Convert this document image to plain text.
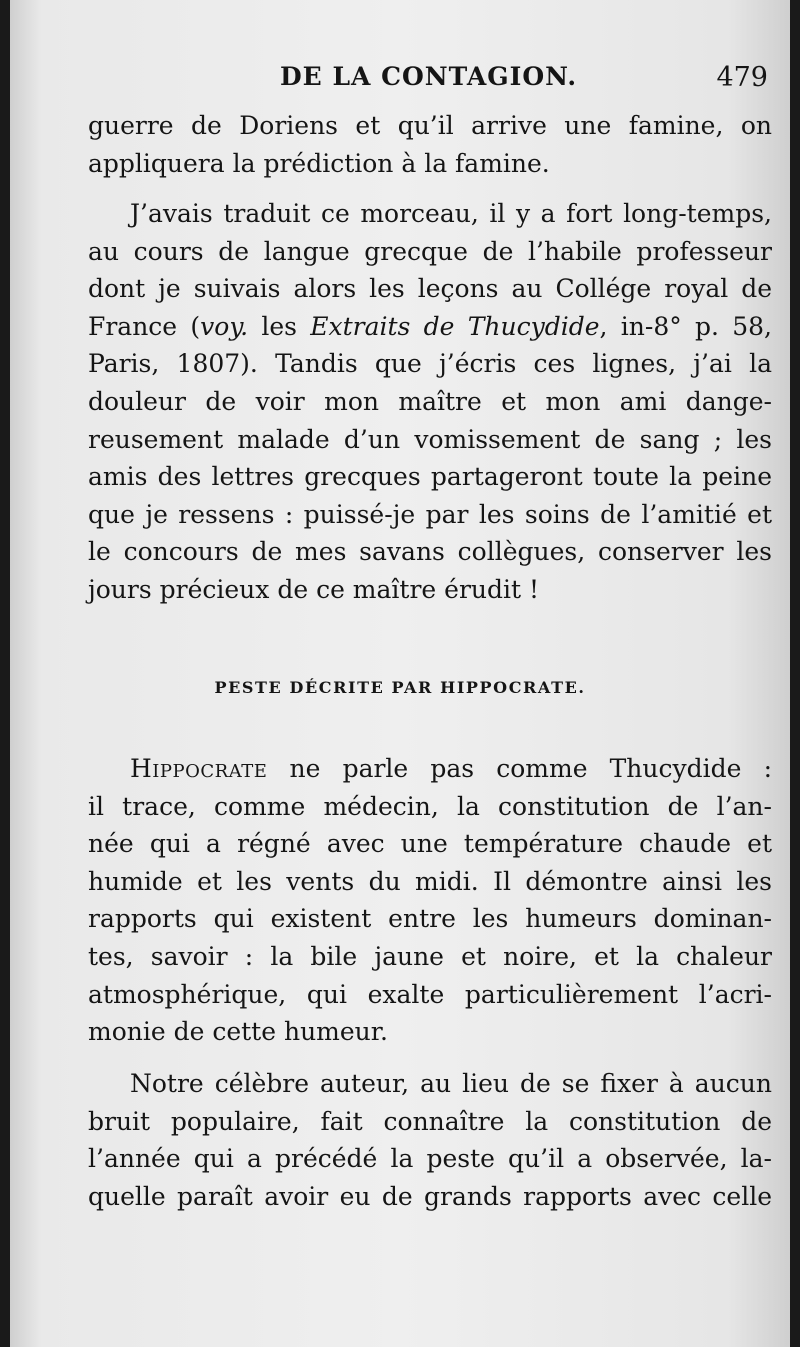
DE LA CONTAGION.	479

guerre de Doriens et qu’il arrive une famine, on

appliquera la prédiction à la famine.

J’avais traduit ce morceau, il y a fort long-temps,

au cours de langue grecque de l’habile professeur

dont je suivais alors les leçons au Collége royal de

France (voy. les Extraits de Thucydide, in-8° p. 58,

Paris, 1807). Tandis que j’écris ces lignes, j’ai la

douleur de voir mon maître et mon ami dange-

reusement malade d’un vomissement de sang ; les

amis des lettres grecques partageront toute la peine

que je ressens : puissé-je par les soins de l’amitié et

le concours de mes savans collègues, conserver les

jours précieux de ce maître érudit !

PESTE DÉCRITE PAR HIPPOCRATE.

Hippocrate ne parle pas comme Thucydide :

il trace, comme médecin, la constitution de l’an-

née qui a régné avec une température chaude et

humide et les vents du midi. Il démontre ainsi les

rapports qui existent entre les humeurs dominan-

tes, savoir : la bile jaune et noire, et la chaleur

atmosphérique, qui exalte particulièrement l’acri-

monie de cette humeur.

Notre célèbre auteur, au lieu de se fixer à aucun

bruit populaire, fait connaître la constitution de

l’année qui a précédé la peste qu’il a observée, la-

quelle paraît avoir eu de grands rapports avec celle
